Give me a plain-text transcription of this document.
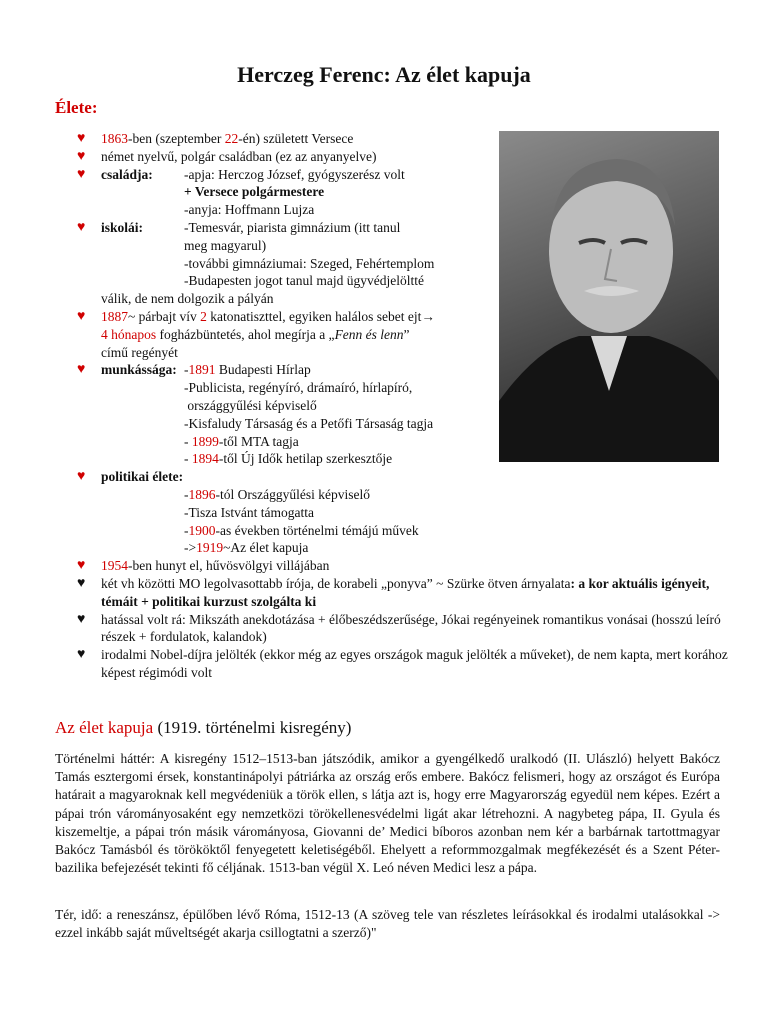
Herczeg Ferenc: Az élet kapuja

Élete:

♥ 1863-ben (szeptember 22-én) született Versece
♥ német nyelvű, polgár családban (ez az anyanyelve)
♥ családja:	-apja: Herczog József, gyógyszerész volt
+ Versece polgármestere
-anyja: Hoffmann Lujza
♥ iskolái:	-Temesvár, piarista gimnázium (itt tanul
meg magyarul)
-további gimnáziumai: Szeged, Fehértemplom
-Budapesten jogot tanul majd ügyvédjelöltté
válik, de nem dolgozik a pályán
♥ 1887~ párbajt vív 2 katonatiszttel, egyiken halálos sebet ejt→
4 hónapos fogházbüntetés, ahol megírja a „Fenn és lenn”
című regényét
♥ munkássága: -1891 Budapesti Hírlap
-Publicista, regényíró, drámaíró, hírlapíró,
országgyűlési képviselő
-Kisfaludy Társaság és a Petőfi Társaság tagja
- 1899-től MTA tagja
- 1894-től Új Idők hetilap szerkesztője
♥ politikai élete:
-1896-tól Országgyűlési képviselő
-Tisza Istvánt támogatta
-1900-as években történelmi témájú művek
->1919~Az élet kapuja
♥ 1954-ben hunyt el, hűvösvölgyi villájában
♥ két vh közötti MO legolvasottabb írója, de korabeli „ponyva” ~ Szürke ötven árnyalata: a kor aktuális igényeit, témáit + politikai kurzust szolgálta ki
♥ hatással volt rá: Mikszáth anekdotázása + élőbeszédszerűsége, Jókai regényeinek romantikus vonásai (hosszú leíró részek + fordulatok, kalandok)
♥ irodalmi Nobel-díjra jelölték (ekkor még az egyes országok maguk jelölték a műveket), de nem kapta, mert korához képest régimódi volt

Az élet kapuja (1919. történelmi kisregény)

Történelmi háttér: A kisregény 1512–1513-ban játszódik, amikor a gyengélkedő uralkodó (II. Ulászló) helyett Bakócz Tamás esztergomi érsek, konstantinápolyi pátriárka az ország erős embere. Bakócz felismeri, hogy az országot és Európa határait a magyaroknak kell megvédeniük a török ellen, s látja azt is, hogy erre Magyarország egyedül nem képes. Ezért a pápai trón várományosaként egy nemzetközi törökellenesvédelmi ligát akar létrehozni. A nagybeteg pápa, II. Gyula és kiszemeltje, a pápai trón másik várományosa, Giovanni de’ Medici bíboros azonban nem kér a barbárnak tartottmagyar Bakócz Tamásból és törököktől fenyegetett keletiségéből. Ehelyett a reformmozgalmak megfékezését és a Szent Péter-bazilika befejezését tekinti fő céljának. 1513-ban végül X. Leó néven Medici lesz a pápa.

Tér, idő: a reneszánsz, épülőben lévő Róma, 1512-13 (A szöveg tele van részletes leírásokkal és irodalmi utalásokkal -> ezzel inkább saját műveltségét akarja csillogtatni a szerző)"
